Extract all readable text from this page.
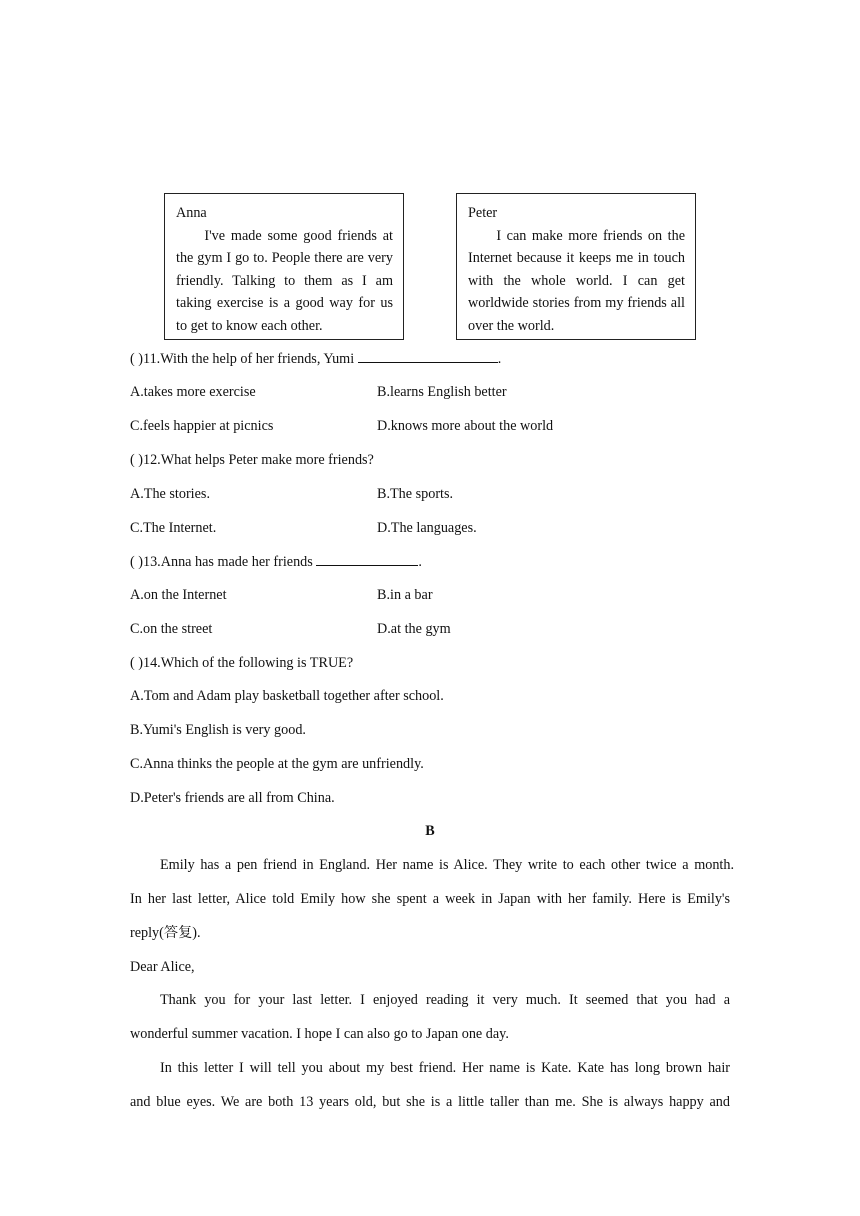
Anna
I've made some good friends at the gym I go to. People there are very friendly. Talking to them as I am taking exercise is a good way for us to get to know each other.
Peter
I can make more friends on the Internet because it keeps me in touch with the whole world. I can get worldwide stories from my friends all over the world.
( )11.With the help of her friends, Yumi	.
A.takes more exercise	B.learns English better
C.feels happier at picnics	D.knows more about the world
( )12.What helps Peter make more friends?
A.The stories.	B.The sports.
C.The Internet.	D.The languages.
( )13.Anna has made her friends	.
A.on the Internet	B.in a bar
C.on the street	D.at the gym
( )14.Which of the following is TRUE?
A.Tom and Adam play basketball together after school.
B.Yumi's English is very good.
C.Anna thinks the people at the gym are unfriendly.
D.Peter's friends are all from China.
B
Emily has a pen friend in England. Her name is Alice. They write to each other twice a month.
In her last letter, Alice told Emily how she spent a week in Japan with her family. Here is Emily's
reply(答复).
Dear Alice,
Thank you for your last letter. I enjoyed reading it very much. It seemed that you had a
wonderful summer vacation. I hope I can also go to Japan one day.
In this letter I will tell you about my best friend. Her name is Kate. Kate has long brown hair
and blue eyes. We are both 13 years old, but she is a little taller than me. She is always happy and
